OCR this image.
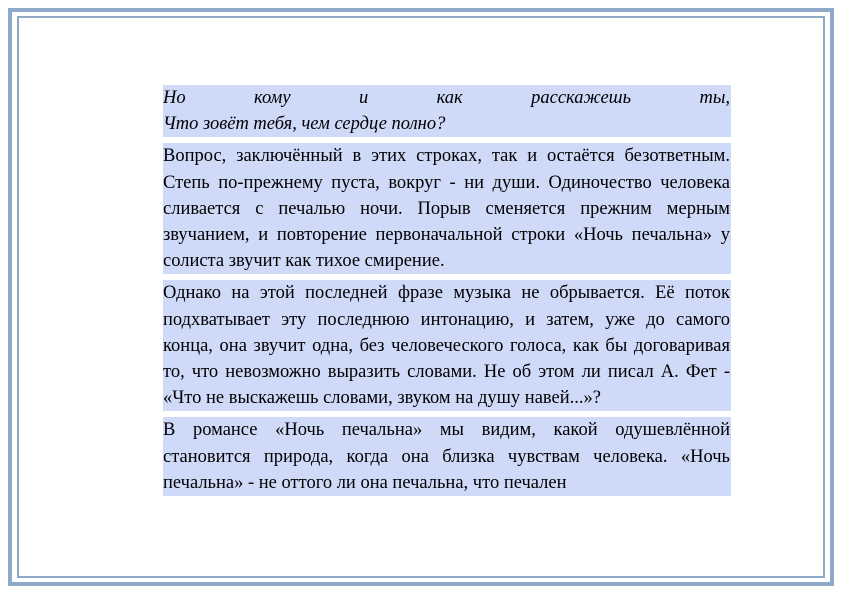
Но кому и как расскажешь ты,
Что зовёт тебя, чем сердце полно?
Вопрос, заключённый в этих строках, так и остаётся безответным. Степь по-прежнему пуста, вокруг - ни души. Одиночество человека сливается с печалью ночи. Порыв сменяется прежним мерным звучанием, и повторение первоначальной строки «Ночь печальна» у солиста звучит как тихое смирение.
Однако на этой последней фразе музыка не обрывается. Её поток подхватывает эту последнюю интонацию, и затем, уже до самого конца, она звучит одна, без человеческого голоса, как бы договаривая то, что невозможно выразить словами. Не об этом ли писал А. Фет - «Что не выскажешь словами, звуком на душу навей...»?
В романсе «Ночь печальна» мы видим, какой одушевлённой становится природа, когда она близка чувствам человека. «Ночь печальна» - не оттого ли она печальна, что печален
